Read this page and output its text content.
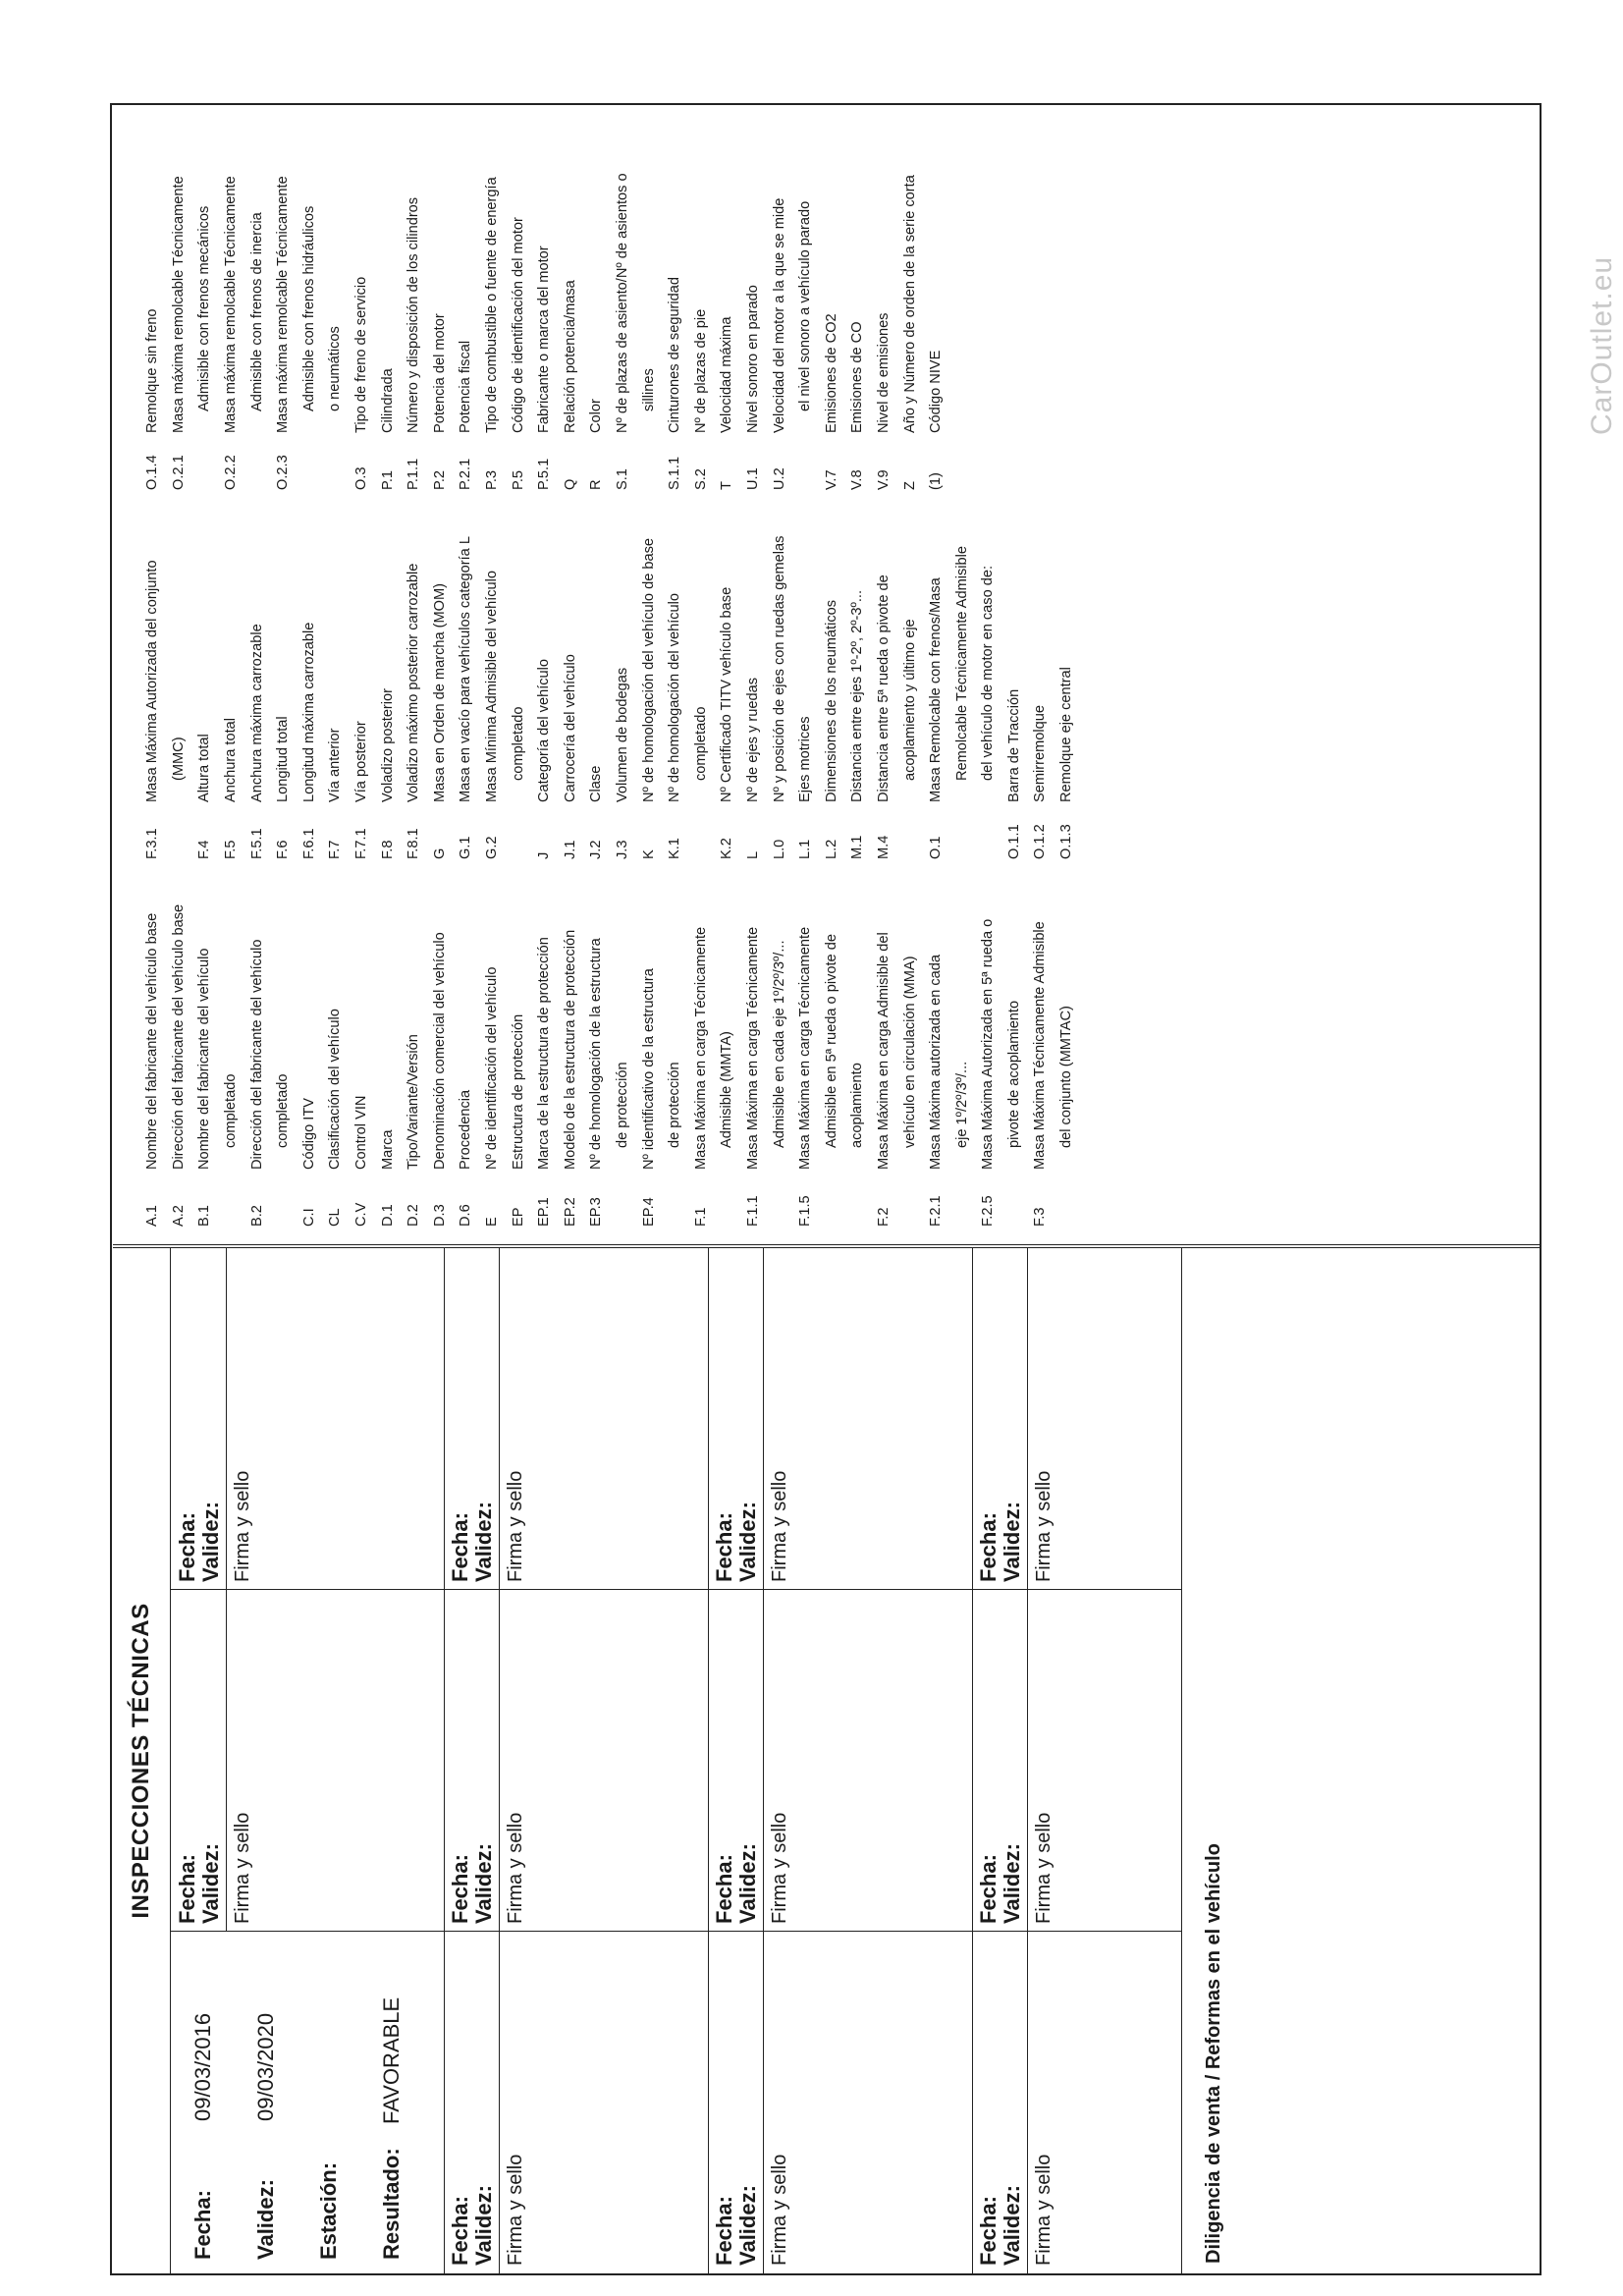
INSPECCIONES TÉCNICAS
Fecha:
09/03/2016
Validez:
09/03/2020
Estación: Resultado:
FAVORABLE
Fecha: Validez: Firma y sello
Fecha: Validez: Firma y sello
Fecha: Validez: Firma y sello
Fecha: Validez: Firma y sello
Fecha: Validez: Firma y sello
Fecha: Validez: Firma y sello
Fecha: Validez: Firma y sello
Fecha: Validez: Firma y sello
Fecha: Validez: Firma y sello
Fecha: Validez: Firma y sello
Fecha: Validez: Firma y sello
Diligencia de venta / Reformas en el vehículo
A.1
Nombre del fabricante del vehículo base
A.2
Dirección del fabricante del vehículo base
B.1
Nombre del fabricante del vehículo completado
B.2
Dirección del fabricante del vehículo completado
C.I
Código ITV
CL
Clasificación del vehículo
C.V
Control VIN
D.1
Marca
D.2
Tipo/Variante/Versión
D.3
Denominación comercial del vehículo
D.6
Procedencia
E
Nº de identificación del vehículo
EP
Estructura de protección
EP.1
Marca de la estructura de protección
EP.2
Modelo de la estructura de protección
EP.3
Nº de homologación de la estructura de protección
EP.4
Nº identificativo de la estructura de protección
F.1
Masa Máxima en carga Técnicamente Admisible (MMTA)
F.1.1
Masa Máxima en carga Técnicamente Admisible en cada eje 1º/2º/3º/...
F.1.5
Masa Máxima en carga Técnicamente Admisible en 5ª rueda o pivote de acoplamiento
F.2
Masa Máxima en carga Admisible del vehículo en circulación (MMA)
F.2.1
Masa Máxima autorizada en cada eje 1º/2º/3º/...
F.2.5
Masa Máxima Autorizada en 5ª rueda o pivote de acoplamiento
F.3
Masa Máxima Técnicamente Admisible del conjunto (MMTAC)
F.3.1
Masa Máxima Autorizada del conjunto (MMC)
F.4
Altura total
F.5
Anchura total
F.5.1
Anchura máxima carrozable
F.6
Longitud total
F.6.1
Longitud máxima carrozable
F.7
Vía anterior
F.7.1
Vía posterior
F.8
Voladizo posterior
F.8.1
Voladizo máximo posterior carrozable
G
Masa en Orden de marcha (MOM)
G.1
Masa en vacío para vehículos categoría L
G.2
Masa Mínima Admisible del vehículo completado
J
Categoría del vehículo
J.1
Carrocería del vehículo
J.2
Clase
J.3
Volumen de bodegas
K
Nº de homologación del vehículo de base
K.1
Nº de homologación del vehículo completado
K.2
Nº Certificado TITV vehículo base
L
Nº de ejes y ruedas
L.0
Nº y posición de ejes con ruedas gemelas
L.1
Ejes motrices
L.2
Dimensiones de los neumáticos
M.1
Distancia entre ejes 1º-2º, 2º-3º...
M.4
Distancia entre 5ª rueda o pivote de acoplamiento y último eje
O.1
Masa Remolcable con frenos/Masa Remolcable Técnicamente Admisible del vehículo de motor en caso de:
O.1.1
Barra de Tracción
O.1.2
Semirremolque
O.1.3
Remolque eje central
O.1.4
Remolque sin freno
O.2.1
Masa máxima remolcable Técnicamente Admisible con frenos mecánicos
O.2.2
Masa máxima remolcable Técnicamente Admisible con frenos de inercia
O.2.3
Masa máxima remolcable Técnicamente Admisible con frenos hidráulicos o neumáticos
O.3
Tipo de freno de servicio
P.1
Cilindrada
P.1.1
Número y disposición de los cilindros
P.2
Potencia del motor
P.2.1
Potencia fiscal
P.3
Tipo de combustible o fuente de energía
P.5
Código de identificación del motor
P.5.1
Fabricante o marca del motor
Q
Relación potencia/masa
R
Color
S.1
Nº de plazas de asiento/Nº de asientos o sillines
S.1.1
Cinturones de seguridad
S.2
Nº de plazas de pie
T
Velocidad máxima
U.1
Nivel sonoro en parado
U.2
Velocidad del motor a la que se mide el nivel sonoro a vehículo parado
V.7
Emisiones de CO2
V.8
Emisiones de CO
V.9
Nivel de emisiones
Z
Año y Número de orden de la serie corta
(1)
Código NIVE	CarOutlet.eu
